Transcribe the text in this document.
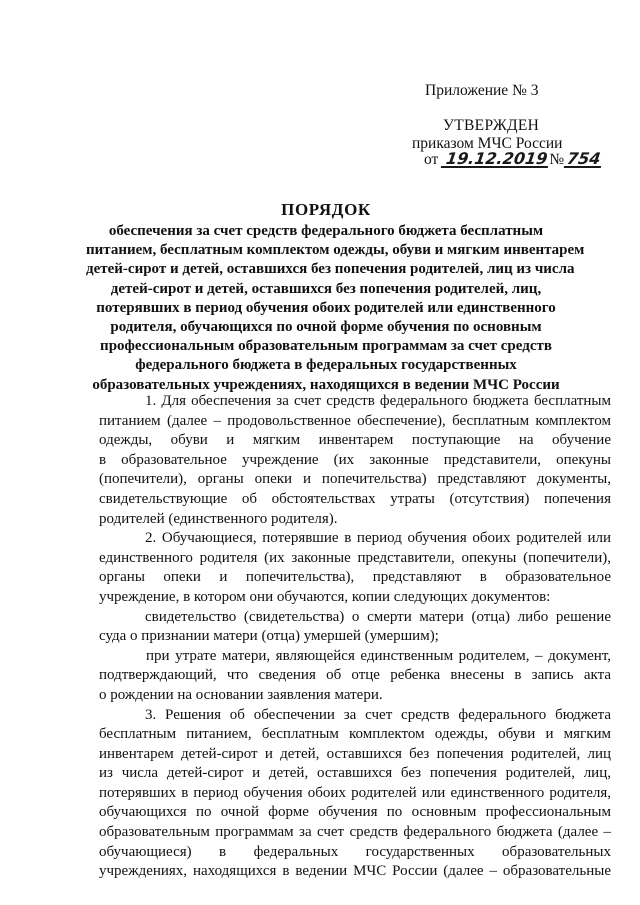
Приложение № 3
УТВЕРЖДЕН
приказом МЧС России
от 19.12.2019№ 754
ПОРЯДОК
обеспечения за счет средств федерального бюджета бесплатным
питанием, бесплатным комплектом одежды, обуви и мягким инвентарем
детей-сирот и детей, оставшихся без попечения родителей, лиц из числа
детей-сирот и детей, оставшихся без попечения родителей, лиц,
потерявших в период обучения обоих родителей или единственного
родителя, обучающихся по очной форме обучения по основным
профессиональным образовательным программам за счет средств
федерального бюджета в федеральных государственных
образовательных учреждениях, находящихся в ведении МЧС России
1. Для обеспечения за счет средств федерального бюджета бесплатным
питанием (далее – продовольственное обеспечение), бесплатным комплектом
одежды, обуви и мягким инвентарем поступающие на обучение
в образовательное учреждение (их законные представители, опекуны
(попечители), органы опеки и попечительства) представляют документы,
свидетельствующие об обстоятельствах утраты (отсутствия) попечения
родителей (единственного родителя).
2. Обучающиеся, потерявшие в период обучения обоих родителей или
единственного родителя (их законные представители, опекуны (попечители),
органы опеки и попечительства), представляют в образовательное
учреждение, в котором они обучаются, копии следующих документов:
свидетельство (свидетельства) о смерти матери (отца) либо решение
суда о признании матери (отца) умершей (умершим);
при утрате матери, являющейся единственным родителем, – документ,
подтверждающий, что сведения об отце ребенка внесены в запись акта
о рождении на основании заявления матери.
3. Решения об обеспечении за счет средств федерального бюджета
бесплатным питанием, бесплатным комплектом одежды, обуви и мягким
инвентарем детей-сирот и детей, оставшихся без попечения родителей, лиц
из числа детей-сирот и детей, оставшихся без попечения родителей, лиц,
потерявших в период обучения обоих родителей или единственного родителя,
обучающихся по очной форме обучения по основным профессиональным
образовательным программам за счет средств федерального бюджета (далее –
обучающиеся) в федеральных государственных образовательных
учреждениях, находящихся в ведении МЧС России (далее – образовательные
